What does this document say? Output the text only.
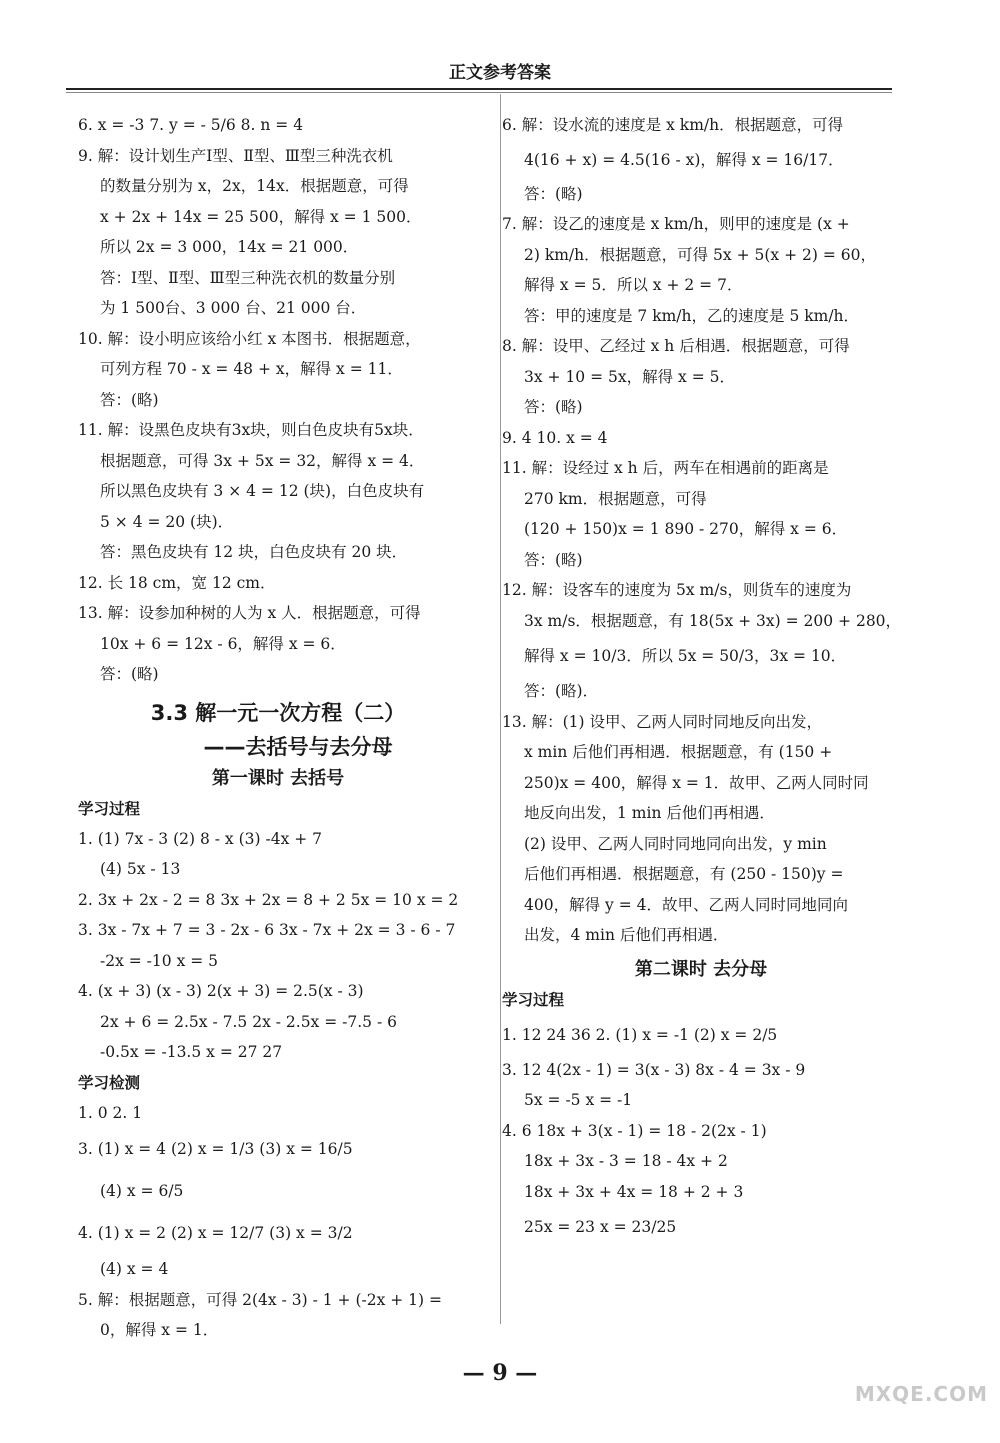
正文参考答案
6. x = -3 7. y = - 5/6 8. n = 4
9. 解：设计划生产Ⅰ型、Ⅱ型、Ⅲ型三种洗衣机
的数量分别为 x，2x，14x．根据题意，可得
x + 2x + 14x = 25 500，解得 x = 1 500．
所以 2x = 3 000，14x = 21 000．
答：Ⅰ型、Ⅱ型、Ⅲ型三种洗衣机的数量分别
为 1 500台、3 000 台、21 000 台．
10. 解：设小明应该给小红 x 本图书．根据题意，
可列方程 70 - x = 48 + x，解得 x = 11．
答：(略)
11. 解：设黑色皮块有3x块，则白色皮块有5x块．
根据题意，可得 3x + 5x = 32，解得 x = 4．
所以黑色皮块有 3 × 4 = 12 (块)，白色皮块有
5 × 4 = 20 (块)．
答：黑色皮块有 12 块，白色皮块有 20 块．
12. 长 18 cm，宽 12 cm．
13. 解：设参加种树的人为 x 人．根据题意，可得
10x + 6 = 12x - 6，解得 x = 6．
答：(略)
3.3 解一元一次方程（二）
——去括号与去分母
第一课时 去括号
学习过程
1. (1) 7x - 3 (2) 8 - x (3) -4x + 7
(4) 5x - 13
2. 3x + 2x - 2 = 8 3x + 2x = 8 + 2 5x = 10 x = 2
3. 3x - 7x + 7 = 3 - 2x - 6 3x - 7x + 2x = 3 - 6 - 7
-2x = -10 x = 5
4. (x + 3) (x - 3) 2(x + 3) = 2.5(x - 3)
2x + 6 = 2.5x - 7.5 2x - 2.5x = -7.5 - 6
-0.5x = -13.5 x = 27 27
学习检测
1. 0 2. 1
3. (1) x = 4 (2) x = 1/3 (3) x = 16/5
(4) x = 6/5
4. (1) x = 2 (2) x = 12/7 (3) x = 3/2
(4) x = 4
5. 解：根据题意，可得 2(4x - 3) - 1 + (-2x + 1) =
0，解得 x = 1．
6. 解：设水流的速度是 x km/h．根据题意，可得
4(16 + x) = 4.5(16 - x)，解得 x = 16/17．
答：(略)
7. 解：设乙的速度是 x km/h，则甲的速度是 (x +
2) km/h．根据题意，可得 5x + 5(x + 2) = 60，
解得 x = 5．所以 x + 2 = 7．
答：甲的速度是 7 km/h，乙的速度是 5 km/h．
8. 解：设甲、乙经过 x h 后相遇．根据题意，可得
3x + 10 = 5x，解得 x = 5．
答：(略)
9. 4 10. x = 4
11. 解：设经过 x h 后，两车在相遇前的距离是
270 km．根据题意，可得
(120 + 150)x = 1 890 - 270，解得 x = 6．
答：(略)
12. 解：设客车的速度为 5x m/s，则货车的速度为
3x m/s．根据题意，有 18(5x + 3x) = 200 + 280，
解得 x = 10/3．所以 5x = 50/3，3x = 10．
答：(略)．
13. 解：(1) 设甲、乙两人同时同地反向出发，
x min 后他们再相遇．根据题意，有 (150 +
250)x = 400，解得 x = 1．故甲、乙两人同时同
地反向出发，1 min 后他们再相遇．
(2) 设甲、乙两人同时同地同向出发，y min
后他们再相遇．根据题意，有 (250 - 150)y =
400，解得 y = 4．故甲、乙两人同时同地同向
出发，4 min 后他们再相遇．
第二课时 去分母
学习过程
1. 12 24 36 2. (1) x = -1 (2) x = 2/5
3. 12 4(2x - 1) = 3(x - 3) 8x - 4 = 3x - 9
5x = -5 x = -1
4. 6 18x + 3(x - 1) = 18 - 2(2x - 1)
18x + 3x - 3 = 18 - 4x + 2
18x + 3x + 4x = 18 + 2 + 3
25x = 23 x = 23/25
— 9 —
MXQE.COM
